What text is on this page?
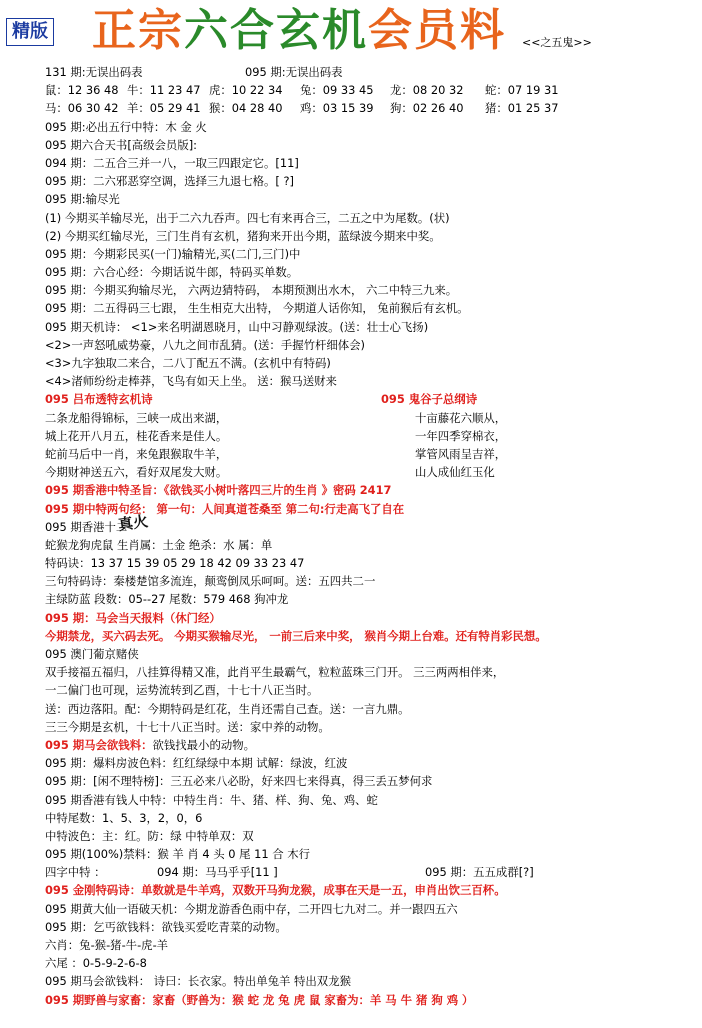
精版 正宗六合玄机会员料 <<之五鬼>>
131 期:无误出码表	095 期:无误出码表
鼠：12 36 48 牛：11 23 47 虎：10 22 34 兔：09 33 45 龙：08 20 32 蛇：07 19 31
马：06 30 42 羊：05 29 41 猴：04 28 40 鸡：03 15 39 狗：02 26 40 猪：01 25 37
095 期:必出五行中特：木 金 火
095 期六合天书[高级会员版]:
094 期：二五合三并一八，一取三四跟定它。[11]
095 期：二六邪恶穿空调，选择三九退七格。[ ?]
095 期:输尽光
(1) 今期买羊输尽光，出于二六九吞声。四七有来再合三，二五之中为尾数。(状)
(2) 今期买红输尽光，三门生肖有玄机，猪狗来开出今期，蓝绿波今期来中奖。
095 期：今期彩民买(一门)输精光,买(二门,三门)中
095 期：六合心经：今期话说牛郎，特码买单数。
095 期：今期买狗输尽光， 六两边猜特码， 本期预测出水木， 六二中特三九来。
095 期：二五得码三七跟， 生生相克大出特， 今期道人话你知， 兔前猴后有玄机。
095 期天机诗： <1>来名明湖恩晓月，山中习静观绿波。(送：壮士心飞扬)
<2>一声怒吼威势豪，八九之间市乱猜。(送：手握竹杆细体会)
<3>九字独取二来合，二八丁配五不满。(玄机中有特码)
<4>渚师纷纷走棒莽，飞鸟有如天上坐。 送：猴马送财来
095 吕布透特玄机诗	095 鬼谷子总纲诗
二条龙船得锦标，三峡一成出来湖，	十亩藤花六顺从，
城上花开八月五，桂花香来是佳人。	一年四季穿棉衣，
蛇前马后中一肖，来兔跟猴取牛羊，	掌管风雨呈吉祥，
今期财神送五六，看好双尾发大财。	山人成仙红玉化
095 期香港中特圣旨：《欲钱买小树叶落四三片的生肖 》密码 2417
095 期中特两句经： 第一句：人间真道苍桑至 第二句:行走高飞了自在
095 期香港十二
蛇猴龙狗虎鼠 生肖属：土金 绝杀：水 属：单
特码诀：13 37 15 39 05 29 18 42 09 33 23 47
三句特码诗：秦楼楚馆多流连，颠鸾倒凤乐呵呵。送：五四共二一
主绿防蓝 段数：05--27 尾数：579 468 狗冲龙
095 期：马会当天报料（休门经）
今期禁龙，买六码去死。 今期买猴输尽光， 一前三后来中奖， 猴肖今期上台难。还有特肖彩民想。
095 澳门葡京赌侠
双手接福五福归，八挂算得精又准，此肖平生最霸气，粒粒蓝珠三门开。 三三两两相伴来，
一二偏门也可现，运势流转到乙酉，十七十八正当时。
送：西边落阳。配：今期特码是红花，生肖还需自己查。送：一言九鼎。
三三今期是玄机，十七十八正当时。送：家中养的动物。
095 期马会欲钱料：欲钱找最小的动物。
095 期：爆料房波色料：红红绿绿中本期 试解：绿波，红波
095 期：[闲不理特榜]：三五必来八必盼，好来四七来得真，得三丢五梦何求
095 期香港有钱人中特：中特生肖：牛、猪、样、狗、兔、鸡、蛇
中特尾数：1、5、3，2，0，6
中特波色：主：红。防：绿 中特单双：双
095 期(100%)禁料：猴 羊 肖 4 头 0 尾 11 合 木行
四字中特 ：	094 期：马马乎乎[11 ]	095 期：五五成群[?]
095 金刚特码诗：单数就是牛羊鸡，双数开马狗龙猴，成事在天是一五，申肖出饮三百杯。
095 期黄大仙一语破天机：今期龙游香色雨中存，二开四七九对二。并一跟四五六
095 期：乞丐欲钱料：欲钱买爱吃青菜的动物。
六肖：兔-猴-猪-牛-虎-羊
六尾 ：0-5-9-2-6-8
095 期马会欲钱料： 诗曰：长衣家。特出单兔羊 特出双龙猴
095 期野兽与家畜：家畜（野兽为：猴 蛇 龙 兔 虎 鼠 家畜为：羊 马 牛 猪 狗 鸡 ）
真火
